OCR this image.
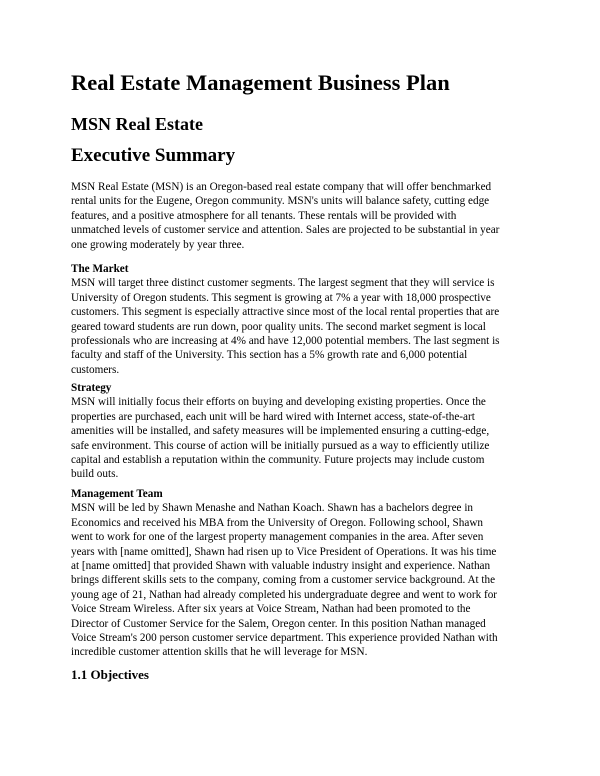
Real Estate Management Business Plan
MSN Real Estate
Executive Summary
MSN Real Estate (MSN) is an Oregon-based real estate company that will offer benchmarked
rental units for the Eugene, Oregon community. MSN's units will balance safety, cutting edge
features, and a positive atmosphere for all tenants. These rentals will be provided with
unmatched levels of customer service and attention. Sales are projected to be substantial in year
one growing moderately by year three.
The Market
MSN will target three distinct customer segments. The largest segment that they will service is
University of Oregon students. This segment is growing at 7% a year with 18,000 prospective
customers. This segment is especially attractive since most of the local rental properties that are
geared toward students are run down, poor quality units. The second market segment is local
professionals who are increasing at 4% and have 12,000 potential members. The last segment is
faculty and staff of the University. This section has a 5% growth rate and 6,000 potential
customers.
Strategy
MSN will initially focus their efforts on buying and developing existing properties. Once the
properties are purchased, each unit will be hard wired with Internet access, state-of-the-art
amenities will be installed, and safety measures will be implemented ensuring a cutting-edge,
safe environment. This course of action will be initially pursued as a way to efficiently utilize
capital and establish a reputation within the community. Future projects may include custom
build outs.
Management Team
MSN will be led by Shawn Menashe and Nathan Koach. Shawn has a bachelors degree in
Economics and received his MBA from the University of Oregon. Following school, Shawn
went to work for one of the largest property management companies in the area. After seven
years with [name omitted], Shawn had risen up to Vice President of Operations. It was his time
at [name omitted] that provided Shawn with valuable industry insight and experience. Nathan
brings different skills sets to the company, coming from a customer service background. At the
young age of 21, Nathan had already completed his undergraduate degree and went to work for
Voice Stream Wireless. After six years at Voice Stream, Nathan had been promoted to the
Director of Customer Service for the Salem, Oregon center. In this position Nathan managed
Voice Stream's 200 person customer service department. This experience provided Nathan with
incredible customer attention skills that he will leverage for MSN.
1.1 Objectives
